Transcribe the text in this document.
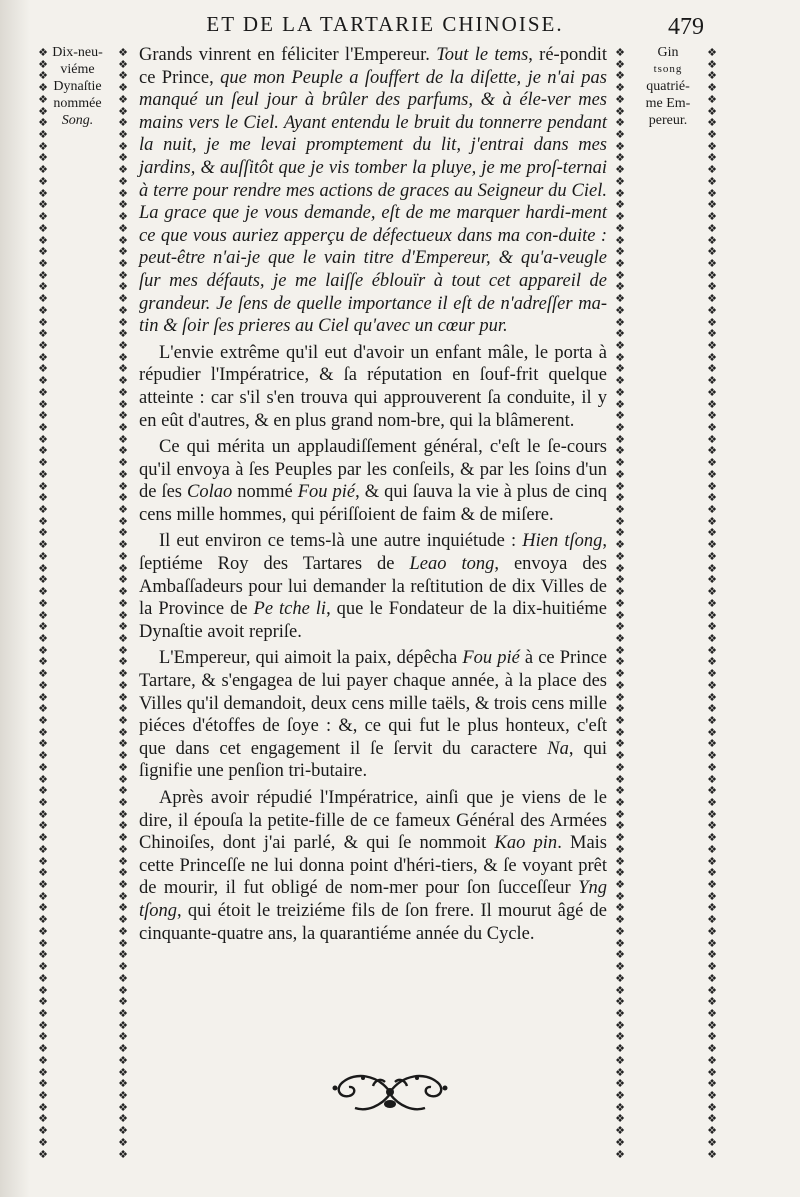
ET DE LA TARTARIE CHINOISE.	479
❖
❖
❖
❖
❖
❖
❖
❖
❖
❖
❖
❖
❖
❖
❖
❖
❖
❖
❖
❖
❖
❖
❖
❖
❖
❖
❖
❖
❖
❖
❖
❖
❖
❖
❖
❖
❖
❖
❖
❖
❖
❖
❖
❖
❖
❖
❖
❖
❖
❖
❖
❖
❖
❖
❖
❖
❖
❖
❖
❖
❖
❖
❖
❖
❖
❖
❖
❖
❖
❖
❖
❖
❖
❖
❖
❖
❖
❖
❖
❖
❖
❖
❖
❖
❖
❖
❖
❖
❖
❖
❖
❖
❖
❖
❖
❖
❖
❖
❖
❖
❖
❖
❖
❖
❖
❖
❖
❖
❖
❖
❖
❖
❖
❖
❖
❖
❖
❖
❖
❖
❖
❖
❖
❖
❖
❖
❖
❖
❖
❖
❖
❖
❖
❖
❖
❖
❖
❖
❖
❖
❖
❖
❖
❖
❖
❖
❖
❖
❖
❖
❖
❖
❖
❖
❖
❖
❖
❖
❖
❖
❖
❖
❖
❖
❖
❖
❖
❖
❖
❖
❖
❖
❖
❖
❖
❖
❖
❖
❖
❖
❖
❖
❖
❖
❖
❖
❖
❖
❖
❖
❖
❖
❖
❖
❖
❖
❖
❖
❖
❖
❖
❖
❖
❖
❖
❖
❖
❖
❖
❖
❖
❖
❖
❖
❖
❖
❖
❖
❖
❖
❖
❖
❖
❖
❖
❖
❖
❖
❖
❖
❖
❖
❖
❖
❖
❖
❖
❖
❖
❖
❖
❖
❖
❖
❖
❖
❖
❖
❖
❖
❖
❖
❖
❖
❖
❖
❖
❖
❖
❖
❖
❖
❖
❖
❖
❖
❖
❖
❖
❖
❖
❖
❖
❖
❖
❖
❖
❖
❖
❖
❖
❖
❖
❖
❖
❖
❖
❖
❖
❖
❖
❖
❖
❖
❖
❖
❖
❖
❖
❖
❖
❖
❖
❖
❖
❖
❖
❖
❖
❖
❖
❖
❖
❖
❖
❖
❖
❖
❖
❖
❖
❖
❖
❖
❖
❖
❖
❖
❖
❖
❖
❖
❖
❖
❖
❖
❖
❖
❖
❖
❖
❖
❖
❖
❖
❖
❖
❖
❖
❖
❖
❖
❖
❖
❖
❖
❖
❖
❖
❖
❖
❖
❖
❖
❖
❖
❖
❖
❖
❖
❖
❖
❖
❖
❖
❖
❖
❖
❖
❖
Dix-neu-
viéme
Dynaſtie
nommée
Song.
Gin
tsong
quatrié-
me Em-
pereur.

Grands vinrent en féliciter l'Empereur. Tout le tems, ré-pondit ce Prince, que mon Peuple a ſouffert de la diſette, je n'ai pas manqué un ſeul jour à brûler des parfums, & à éle-ver mes mains vers le Ciel. Ayant entendu le bruit du tonnerre pendant la nuit, je me levai promptement du lit, j'entrai dans mes jardins, & auſſitôt que je vis tomber la pluye, je me proſ-ternai à terre pour rendre mes actions de graces au Seigneur du Ciel. La grace que je vous demande, eſt de me marquer hardi-ment ce que vous auriez apperçu de défectueux dans ma con-duite : peut-être n'ai-je que le vain titre d'Empereur, & qu'a-veugle ſur mes défauts, je me laiſſe éblouïr à tout cet appareil de grandeur. Je ſens de quelle importance il eſt de n'adreſſer ma-tin & ſoir ſes prieres au Ciel qu'avec un cœur pur.

L'envie extrême qu'il eut d'avoir un enfant mâle, le porta à répudier l'Impératrice, & ſa réputation en ſouf-frit quelque atteinte : car s'il s'en trouva qui approuverent ſa conduite, il y en eût d'autres, & en plus grand nom-bre, qui la blâmerent.

Ce qui mérita un applaudiſſement général, c'eſt le ſe-cours qu'il envoya à ſes Peuples par les conſeils, & par les ſoins d'un de ſes Colao nommé Fou pié, & qui ſauva la vie à plus de cinq cens mille hommes, qui périſſoient de faim & de miſere.

Il eut environ ce tems-là une autre inquiétude : Hien tſong, ſeptiéme Roy des Tartares de Leao tong, envoya des Ambaſſadeurs pour lui demander la reſtitution de dix Villes de la Province de Pe tche li, que le Fondateur de la dix-huitiéme Dynaſtie avoit repriſe.

L'Empereur, qui aimoit la paix, dépêcha Fou pié à ce Prince Tartare, & s'engagea de lui payer chaque année, à la place des Villes qu'il demandoit, deux cens mille taëls, & trois cens mille piéces d'étoffes de ſoye : &, ce qui fut le plus honteux, c'eſt que dans cet engagement il ſe ſervit du caractere Na, qui ſignifie une penſion tri-butaire.

Après avoir répudié l'Impératrice, ainſi que je viens de le dire, il épouſa la petite-fille de ce fameux Général des Armées Chinoiſes, dont j'ai parlé, & qui ſe nommoit Kao pin. Mais cette Princeſſe ne lui donna point d'héri-tiers, & ſe voyant prêt de mourir, il fut obligé de nom-mer pour ſon ſucceſſeur Yng tſong, qui étoit le treiziéme fils de ſon frere. Il mourut âgé de cinquante-quatre ans, la quarantiéme année du Cycle.
